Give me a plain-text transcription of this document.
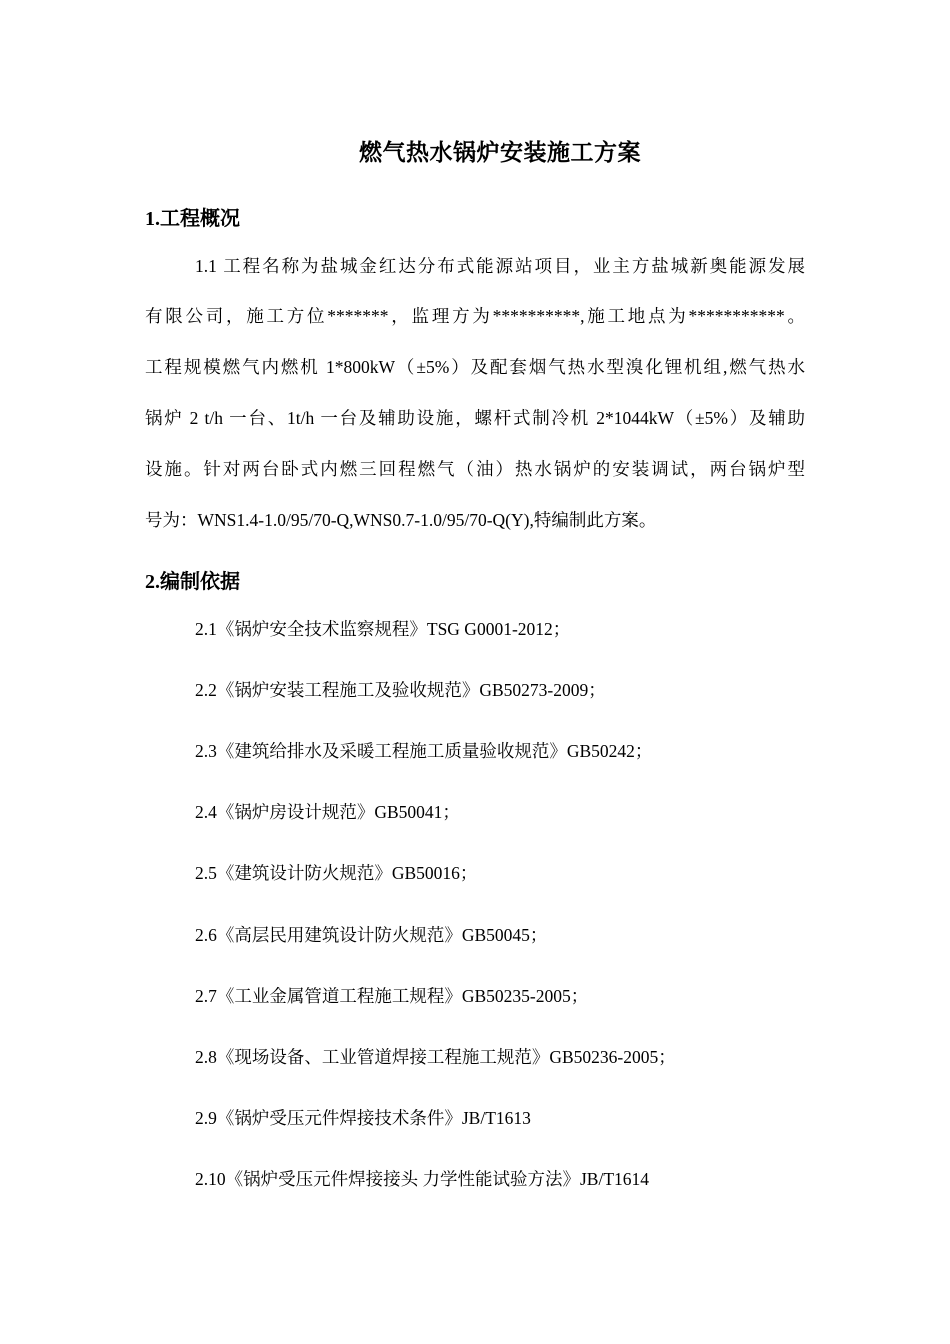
燃气热水锅炉安装施工方案
1.工程概况
1.1 工程名称为盐城金红达分布式能源站项目，业主方盐城新奥能源发展
有限公司，施工方位*******，监理方为**********,施工地点为***********。
工程规模燃气内燃机 1*800kW（±5%）及配套烟气热水型溴化锂机组,燃气热水
锅炉 2 t/h 一台、1t/h 一台及辅助设施，螺杆式制冷机 2*1044kW（±5%）及辅助
设施。针对两台卧式内燃三回程燃气（油）热水锅炉的安装调试，两台锅炉型
号为：WNS1.4-1.0/95/70-Q,WNS0.7-1.0/95/70-Q(Y),特编制此方案。
2.编制依据
2.1《锅炉安全技术监察规程》TSG G0001-2012；
2.2《锅炉安装工程施工及验收规范》GB50273-2009；
2.3《建筑给排水及采暖工程施工质量验收规范》GB50242；
2.4《锅炉房设计规范》GB50041；
2.5《建筑设计防火规范》GB50016；
2.6《高层民用建筑设计防火规范》GB50045；
2.7《工业金属管道工程施工规程》GB50235-2005；
2.8《现场设备、工业管道焊接工程施工规范》GB50236-2005；
2.9《锅炉受压元件焊接技术条件》JB/T1613
2.10《锅炉受压元件焊接接头 力学性能试验方法》JB/T1614
